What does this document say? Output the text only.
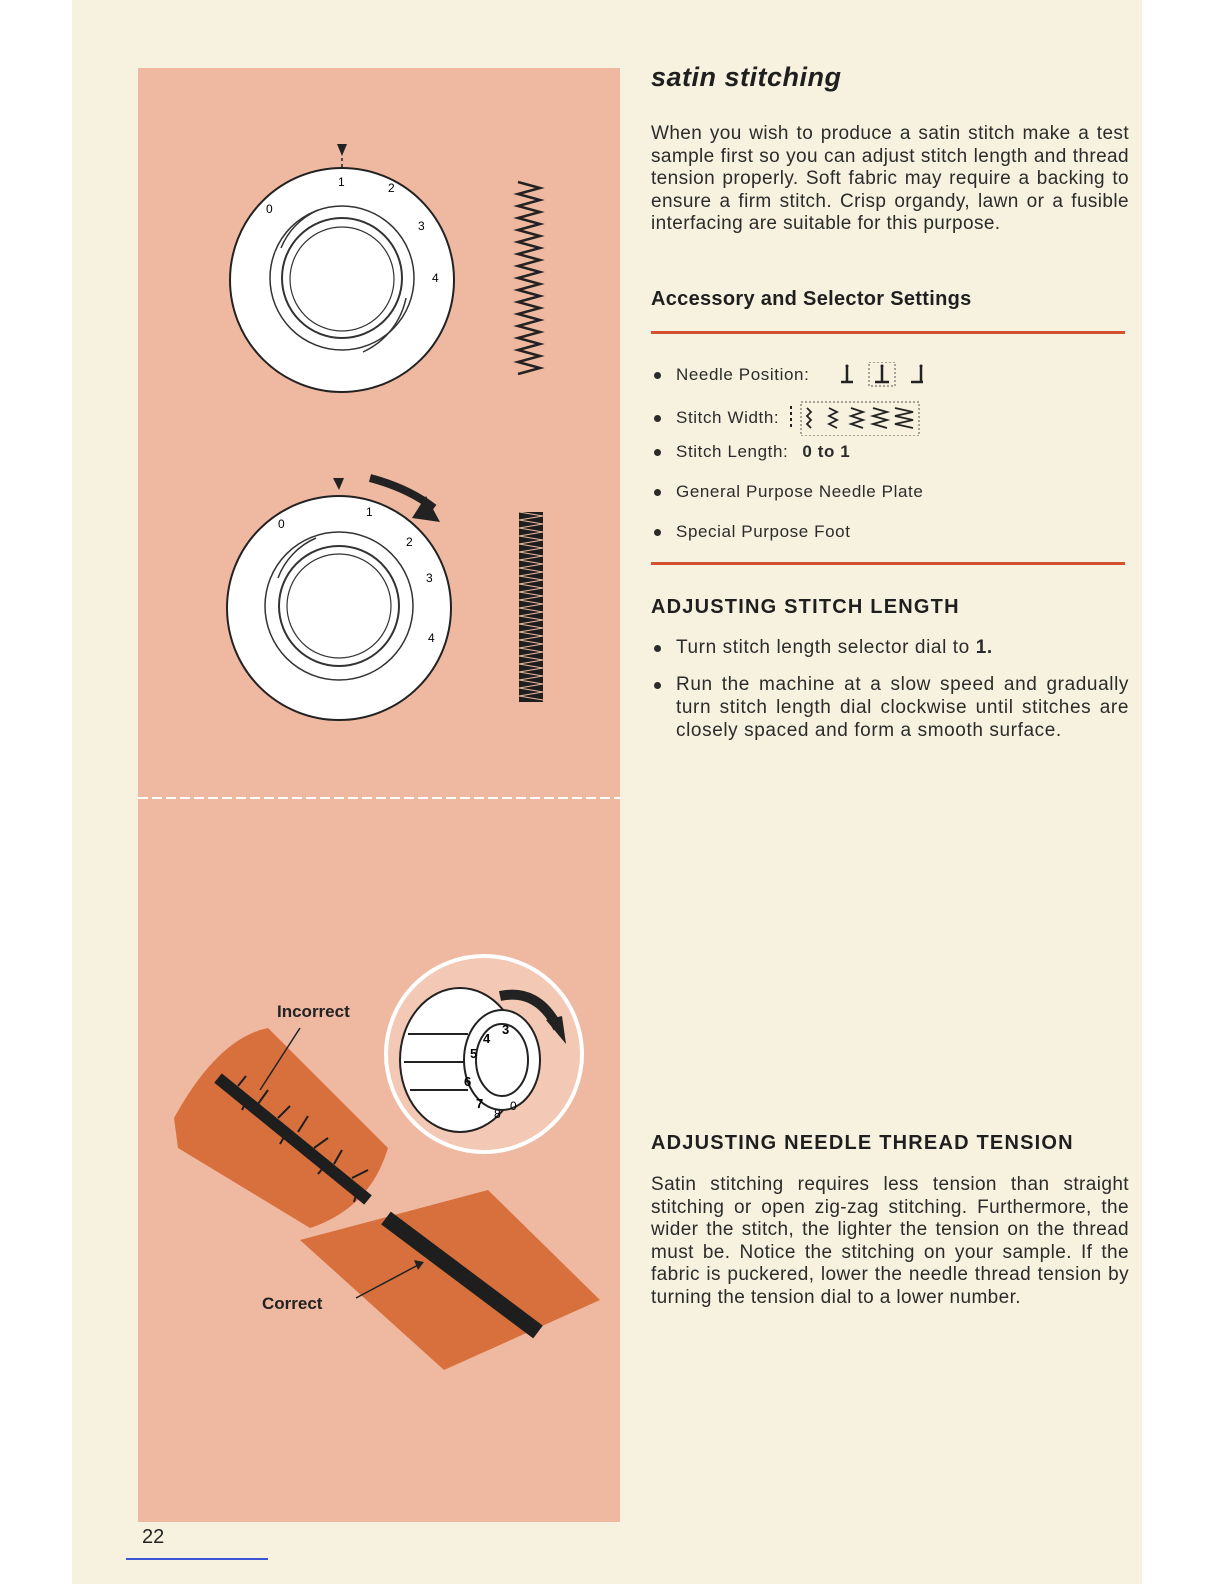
0
1	2
3
4
0
1
2
3
4
3
4
5
6
7
8
0
Incorrect
Correct
22
satin stitching

When you wish to produce a satin stitch make a test sample first so you can adjust stitch length and thread tension properly. Soft fabric may require a backing to ensure a firm stitch. Crisp organdy, lawn or a fusible interfacing are suitable for this purpose.

Accessory and Selector Settings
Needle Position:
Stitch Width:
Stitch Length: 0 to 1
General Purpose Needle Plate
Special Purpose Foot
ADJUSTING STITCH LENGTH
Turn stitch length selector dial to 1.
Run the machine at a slow speed and gradually turn stitch length dial clockwise until stitches are closely spaced and form a smooth surface.
ADJUSTING NEEDLE THREAD TENSION

Satin stitching requires less tension than straight stitching or open zig-zag stitching. Furthermore, the wider the stitch, the lighter the tension on the thread must be. Notice the stitching on your sample. If the fabric is puckered, lower the needle thread tension by turning the tension dial to a lower number.
